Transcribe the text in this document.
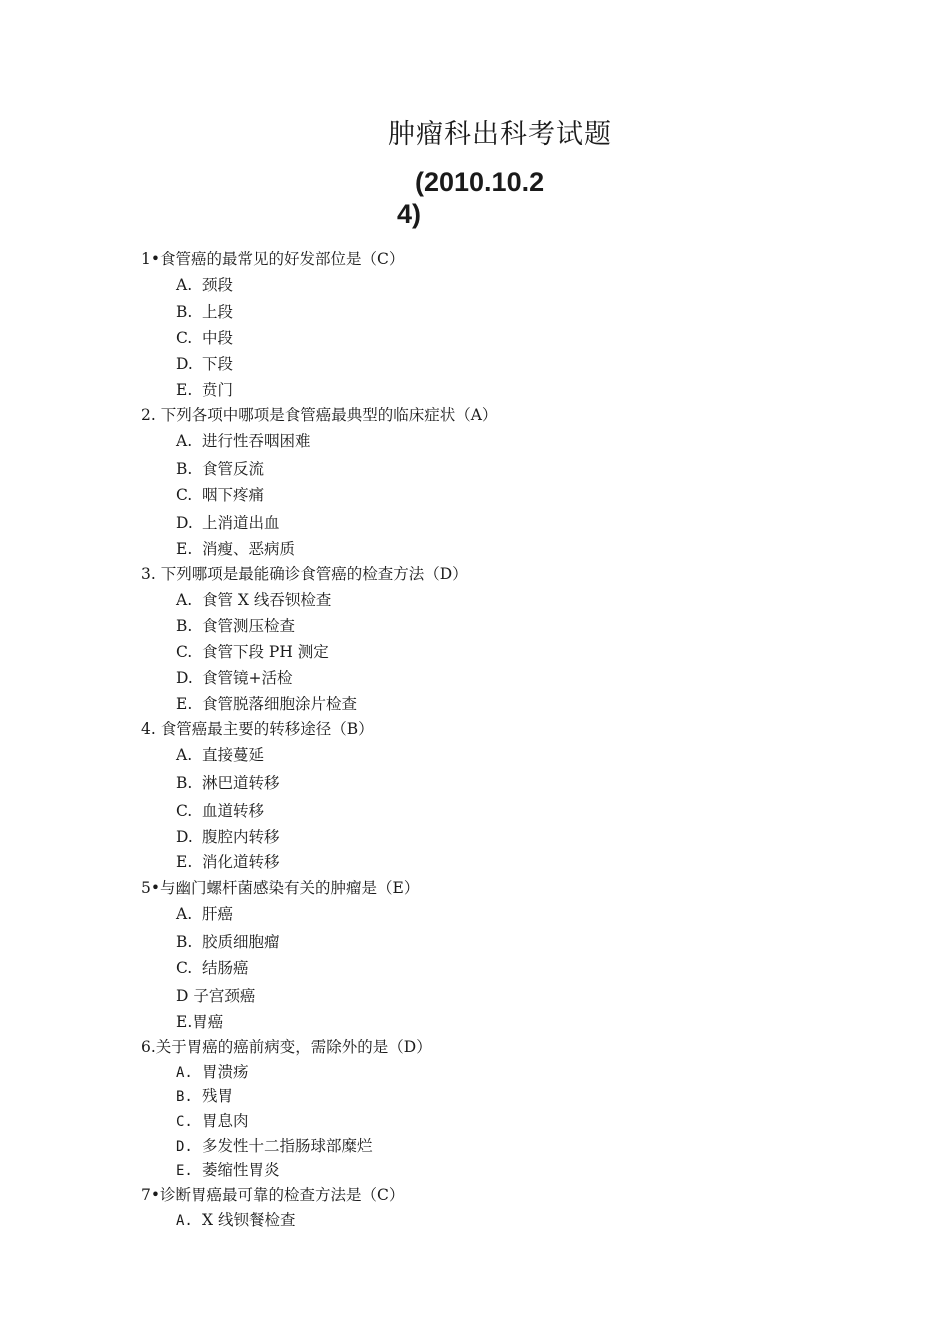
肿瘤科出科考试题
(2010.10.2
4)
1•食管癌的最常见的好发部位是（C）
A. 颈段
B. 上段
C. 中段
D. 下段
E. 贲门
2. 下列各项中哪项是食管癌最典型的临床症状（A）
A. 进行性吞咽困难
B. 食管反流
C. 咽下疼痛
D. 上消道出血
E. 消瘦、恶病质
3. 下列哪项是最能确诊食管癌的检查方法（D）
A. 食管 X 线吞钡检查
B. 食管测压检查
C. 食管下段 PH 测定
D. 食管镜+活检
E. 食管脱落细胞涂片检查
4. 食管癌最主要的转移途径（B）
A. 直接蔓延
B. 淋巴道转移
C. 血道转移
D. 腹腔内转移
E. 消化道转移
5•与幽门螺杆菌感染有关的肿瘤是（E）
A. 肝癌
B. 胶质细胞瘤
C. 结肠癌
D 子宫颈癌
E.胃癌
6.关于胃癌的癌前病变，需除外的是（D）
A. 胃溃疡
B. 残胃
C. 胃息肉
D. 多发性十二指肠球部糜烂
E. 萎缩性胃炎
7•诊断胃癌最可靠的检查方法是（C）
A. X 线钡餐检查
